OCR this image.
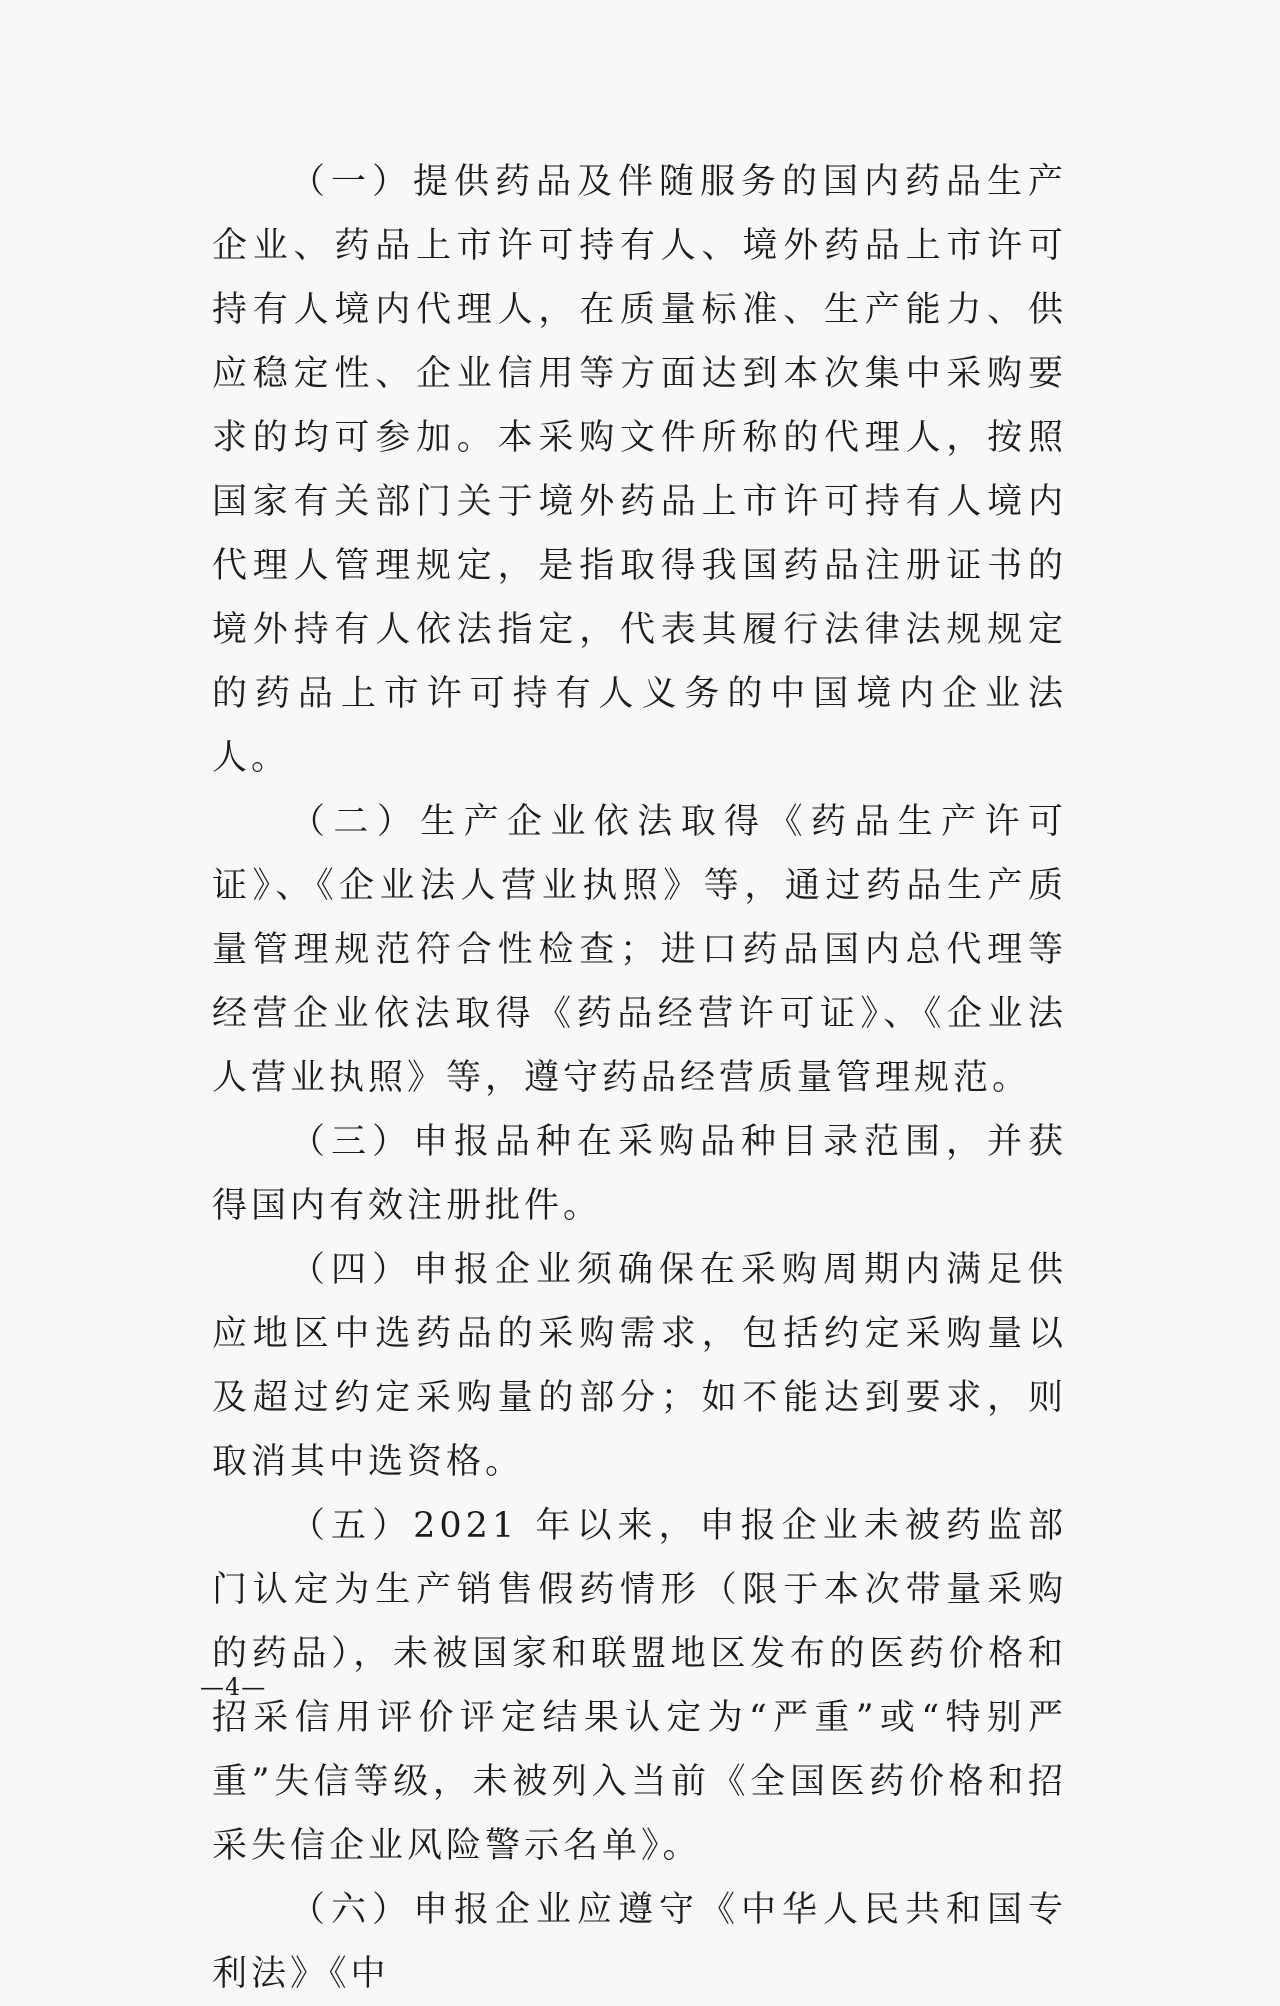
（一）提供药品及伴随服务的国内药品生产企业、药品上市许可持有人、境外药品上市许可持有人境内代理人，在质量标准、生产能力、供应稳定性、企业信用等方面达到本次集中采购要求的均可参加。本采购文件所称的代理人，按照国家有关部门关于境外药品上市许可持有人境内代理人管理规定，是指取得我国药品注册证书的境外持有人依法指定，代表其履行法律法规规定的药品上市许可持有人义务的中国境内企业法人。

（二）生产企业依法取得《药品生产许可证》、《企业法人营业执照》等，通过药品生产质量管理规范符合性检查；进口药品国内总代理等经营企业依法取得《药品经营许可证》、《企业法人营业执照》等，遵守药品经营质量管理规范。

（三）申报品种在采购品种目录范围，并获得国内有效注册批件。

（四）申报企业须确保在采购周期内满足供应地区中选药品的采购需求，包括约定采购量以及超过约定采购量的部分；如不能达到要求，则取消其中选资格。

（五）2021 年以来，申报企业未被药监部门认定为生产销售假药情形（限于本次带量采购的药品），未被国家和联盟地区发布的医药价格和招采信用评价评定结果认定为“严重”或“特别严重”失信等级，未被列入当前《全国医药价格和招采失信企业风险警示名单》。

（六）申报企业应遵守《中华人民共和国专利法》《中

—4—
